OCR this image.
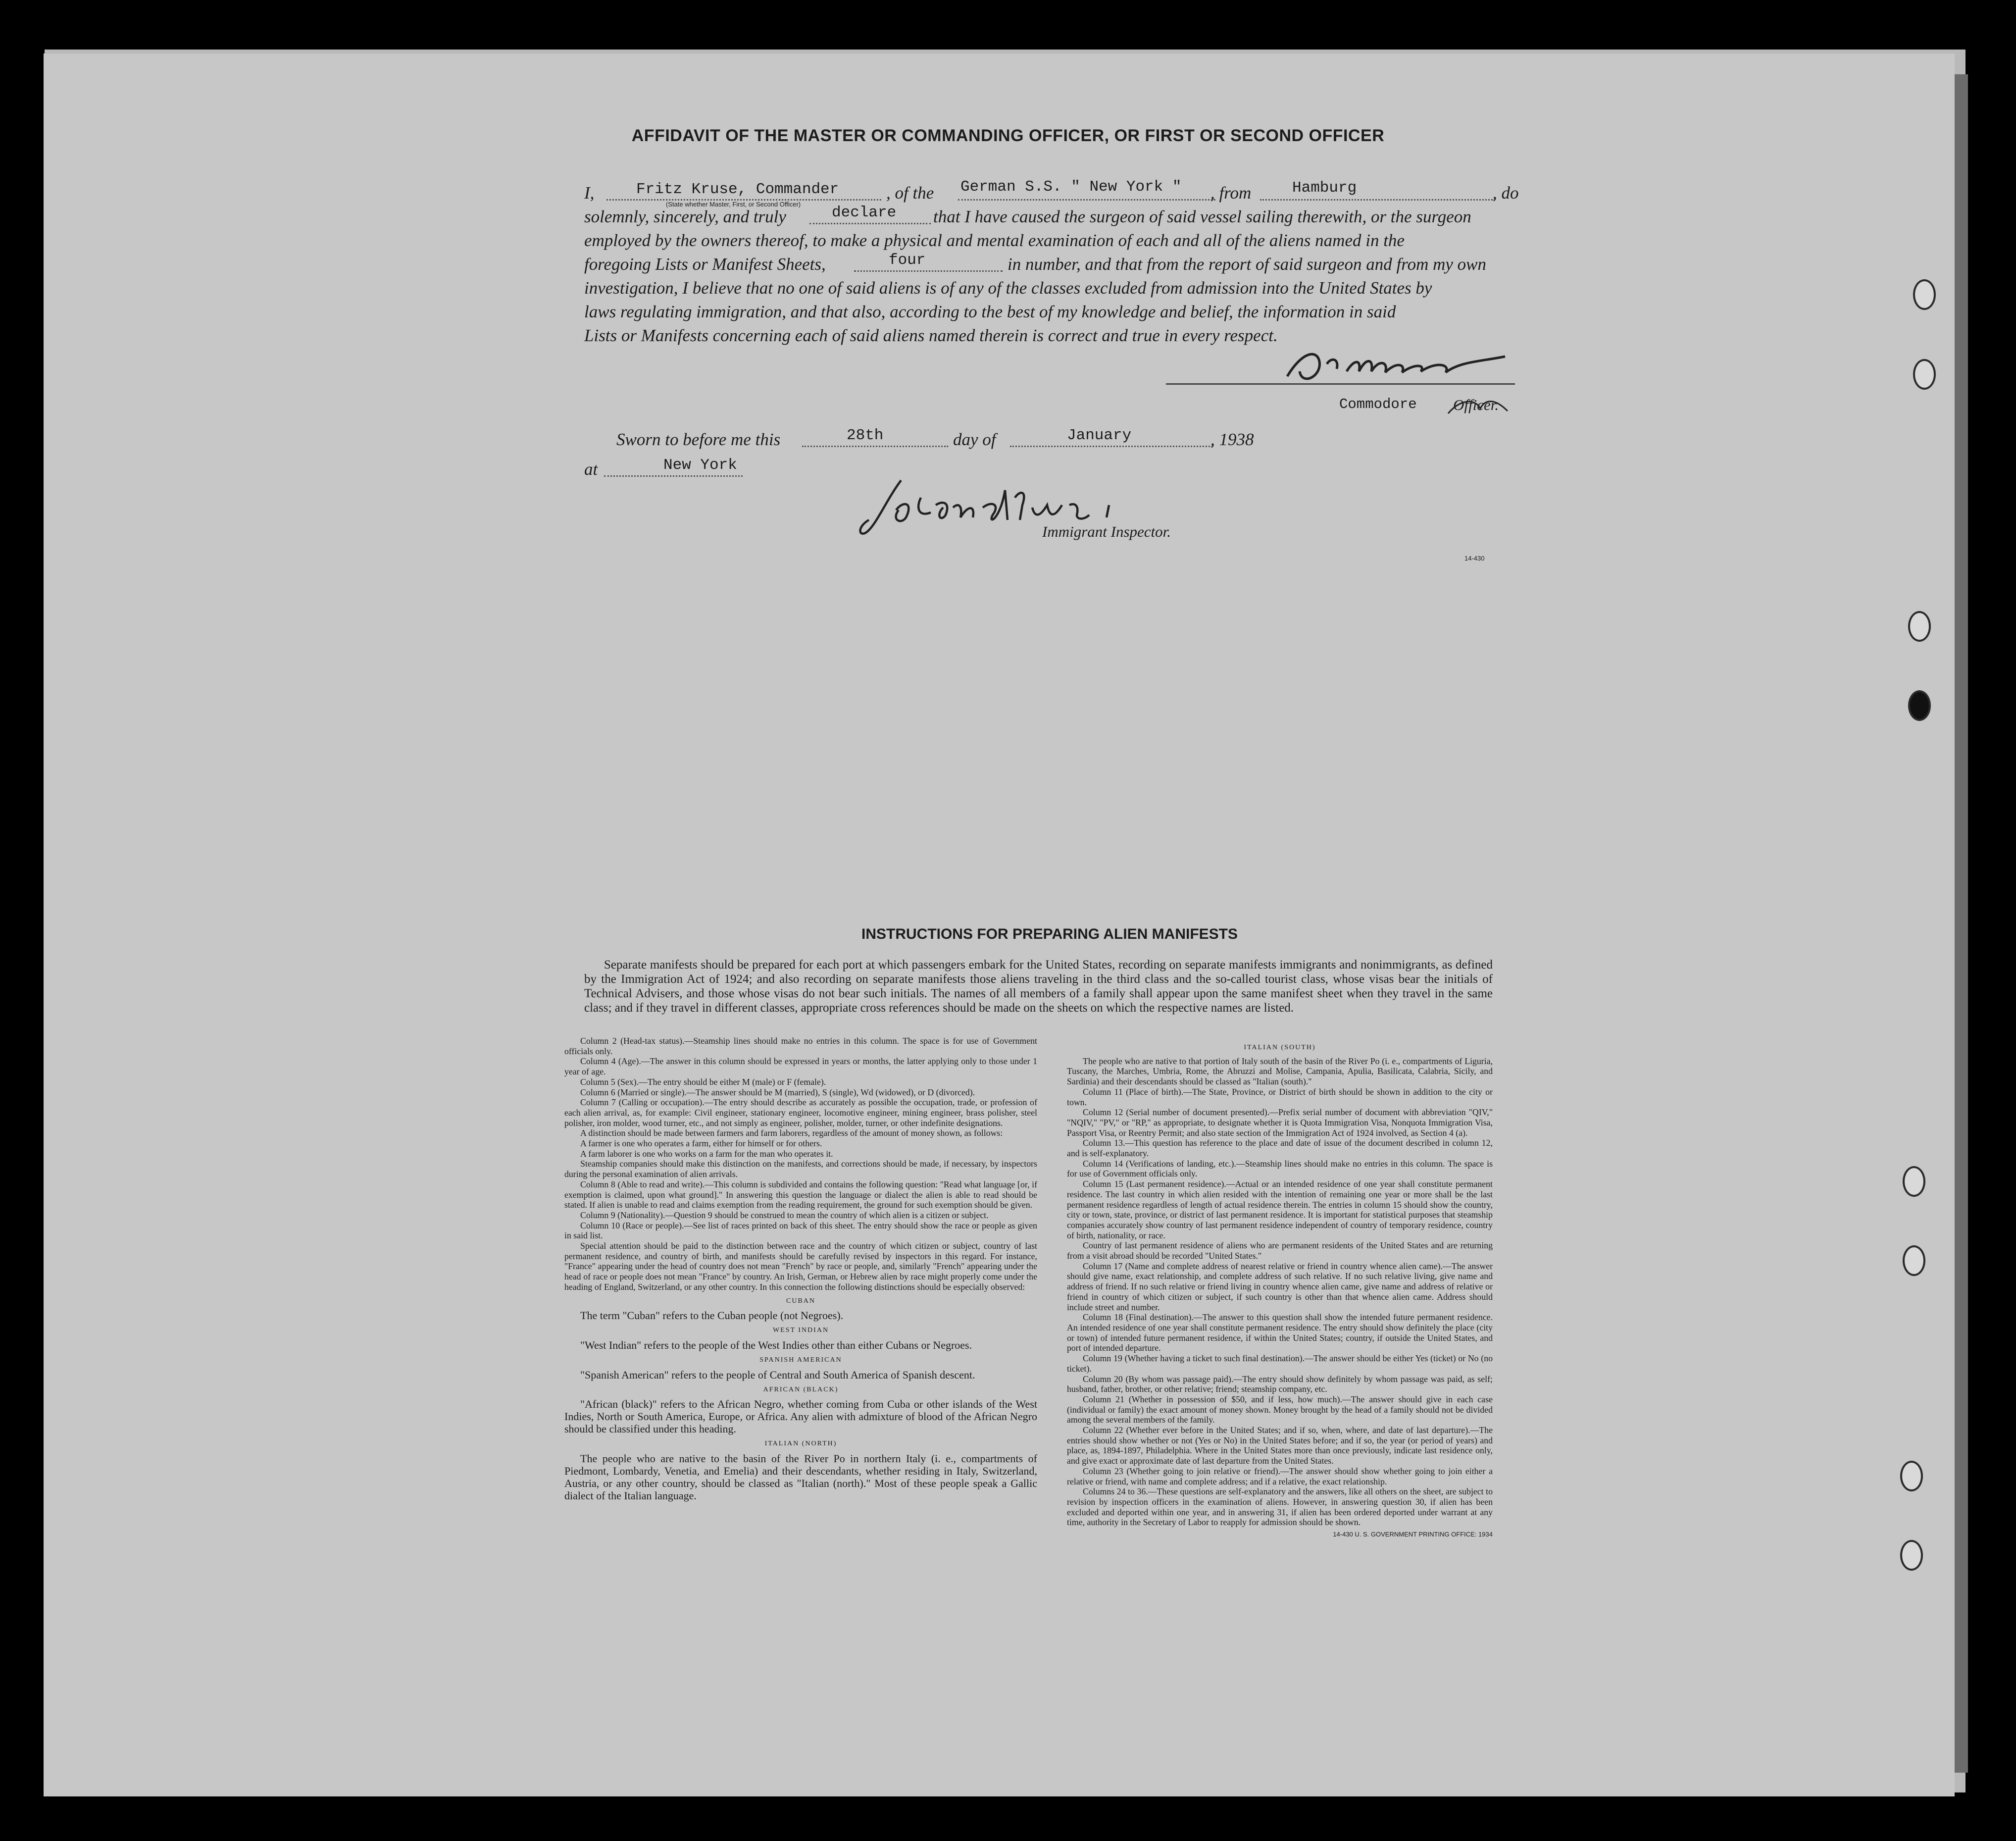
AFFIDAVIT OF THE MASTER OR COMMANDING OFFICER, OR FIRST OR SECOND OFFICER
I,	Fritz Kruse, Commander
(State whether Master, First, or Second Officer)
, of the German S.S. " New York " , from	Hamburg	, do
solemnly, sincerely, and truly	declare that I have caused the surgeon of said vessel sailing therewith, or the surgeon
employed by the owners thereof, to make a physical and mental examination of each and all of the aliens named in the
foregoing Lists or Manifest Sheets,	four	in number, and that from the report of said surgeon and from my own
investigation, I believe that no one of said aliens is of any of the classes excluded from admission into the United States by
laws regulating immigration, and that also, according to the best of my knowledge and belief, the information in said
Lists or Manifests concerning each of said aliens named therein is correct and true in every respect.
Commodore Officer.
Sworn to before me this	28th	day of	January	, 1938
at	New York
Immigrant Inspector.
14-430
INSTRUCTIONS FOR PREPARING ALIEN MANIFESTS
Separate manifests should be prepared for each port at which passengers embark for the United States, recording on separate manifests immigrants and nonimmigrants, as defined by the Immigration Act of 1924; and also recording on separate manifests those aliens traveling in the third class and the so-called tourist class, whose visas bear the initials of Technical Advisers, and those whose visas do not bear such initials. The names of all members of a family shall appear upon the same manifest sheet when they travel in the same class; and if they travel in different classes, appropriate cross references should be made on the sheets on which the respective names are listed.

Column 2 (Head-tax status).—Steamship lines should make no entries in this column. The space is for use of Government officials only.

Column 4 (Age).—The answer in this column should be expressed in years or months, the latter applying only to those under 1 year of age.

Column 5 (Sex).—The entry should be either M (male) or F (female).

Column 6 (Married or single).—The answer should be M (married), S (single), Wd (widowed), or D (divorced).

Column 7 (Calling or occupation).—The entry should describe as accurately as possible the occupation, trade, or profession of each alien arrival, as, for example: Civil engineer, stationary engineer, locomotive engineer, mining engineer, brass polisher, steel polisher, iron molder, wood turner, etc., and not simply as engineer, polisher, molder, turner, or other indefinite designations.

A distinction should be made between farmers and farm laborers, regardless of the amount of money shown, as follows:

A farmer is one who operates a farm, either for himself or for others.

A farm laborer is one who works on a farm for the man who operates it.

Steamship companies should make this distinction on the manifests, and corrections should be made, if necessary, by inspectors during the personal examination of alien arrivals.

Column 8 (Able to read and write).—This column is subdivided and contains the following question: "Read what language [or, if exemption is claimed, upon what ground]." In answering this question the language or dialect the alien is able to read should be stated. If alien is unable to read and claims exemption from the reading requirement, the ground for such exemption should be given.

Column 9 (Nationality).—Question 9 should be construed to mean the country of which alien is a citizen or subject.

Column 10 (Race or people).—See list of races printed on back of this sheet. The entry should show the race or people as given in said list.

Special attention should be paid to the distinction between race and the country of which citizen or subject, country of last permanent residence, and country of birth, and manifests should be carefully revised by inspectors in this regard. For instance, "France" appearing under the head of country does not mean "French" by race or people, and, similarly "French" appearing under the head of race or people does not mean "France" by country. An Irish, German, or Hebrew alien by race might properly come under the heading of England, Switzerland, or any other country. In this connection the following distinctions should be especially observed:

CUBAN

The term "Cuban" refers to the Cuban people (not Negroes).

WEST INDIAN

"West Indian" refers to the people of the West Indies other than either Cubans or Negroes.

SPANISH AMERICAN

"Spanish American" refers to the people of Central and South America of Spanish descent.

AFRICAN (BLACK)

"African (black)" refers to the African Negro, whether coming from Cuba or other islands of the West Indies, North or South America, Europe, or Africa. Any alien with admixture of blood of the African Negro should be classified under this heading.

ITALIAN (NORTH)

The people who are native to the basin of the River Po in northern Italy (i. e., compartments of Piedmont, Lombardy, Venetia, and Emelia) and their descendants, whether residing in Italy, Switzerland, Austria, or any other country, should be classed as "Italian (north)." Most of these people speak a Gallic dialect of the Italian language.

ITALIAN (SOUTH)

The people who are native to that portion of Italy south of the basin of the River Po (i. e., compartments of Liguria, Tuscany, the Marches, Umbria, Rome, the Abruzzi and Molise, Campania, Apulia, Basilicata, Calabria, Sicily, and Sardinia) and their descendants should be classed as "Italian (south)."

Column 11 (Place of birth).—The State, Province, or District of birth should be shown in addition to the city or town.

Column 12 (Serial number of document presented).—Prefix serial number of document with abbreviation "QIV," "NQIV," "PV," or "RP," as appropriate, to designate whether it is Quota Immigration Visa, Nonquota Immigration Visa, Passport Visa, or Reentry Permit; and also state section of the Immigration Act of 1924 involved, as Section 4 (a).

Column 13.—This question has reference to the place and date of issue of the document described in column 12, and is self-explanatory.

Column 14 (Verifications of landing, etc.).—Steamship lines should make no entries in this column. The space is for use of Government officials only.

Column 15 (Last permanent residence).—Actual or an intended residence of one year shall constitute permanent residence. The last country in which alien resided with the intention of remaining one year or more shall be the last permanent residence regardless of length of actual residence therein. The entries in column 15 should show the country, city or town, state, province, or district of last permanent residence. It is important for statistical purposes that steamship companies accurately show country of last permanent residence independent of country of temporary residence, country of birth, nationality, or race.

Country of last permanent residence of aliens who are permanent residents of the United States and are returning from a visit abroad should be recorded "United States."

Column 17 (Name and complete address of nearest relative or friend in country whence alien came).—The answer should give name, exact relationship, and complete address of such relative. If no such relative living, give name and address of friend. If no such relative or friend living in country whence alien came, give name and address of relative or friend in country of which citizen or subject, if such country is other than that whence alien came. Address should include street and number.

Column 18 (Final destination).—The answer to this question shall show the intended future permanent residence. An intended residence of one year shall constitute permanent residence. The entry should show definitely the place (city or town) of intended future permanent residence, if within the United States; country, if outside the United States, and port of intended departure.

Column 19 (Whether having a ticket to such final destination).—The answer should be either Yes (ticket) or No (no ticket).

Column 20 (By whom was passage paid).—The entry should show definitely by whom passage was paid, as self; husband, father, brother, or other relative; friend; steamship company, etc.

Column 21 (Whether in possession of $50, and if less, how much).—The answer should give in each case (individual or family) the exact amount of money shown. Money brought by the head of a family should not be divided among the several members of the family.

Column 22 (Whether ever before in the United States; and if so, when, where, and date of last departure).—The entries should show whether or not (Yes or No) in the United States before; and if so, the year (or period of years) and place, as, 1894-1897, Philadelphia. Where in the United States more than once previously, indicate last residence only, and give exact or approximate date of last departure from the United States.

Column 23 (Whether going to join relative or friend).—The answer should show whether going to join either a relative or friend, with name and complete address; and if a relative, the exact relationship.

Columns 24 to 36.—These questions are self-explanatory and the answers, like all others on the sheet, are subject to revision by inspection officers in the examination of aliens. However, in answering question 30, if alien has been excluded and deported within one year, and in answering 31, if alien has been ordered deported under warrant at any time, authority in the Secretary of Labor to reapply for admission should be shown.

14-430 U. S. GOVERNMENT PRINTING OFFICE: 1934
